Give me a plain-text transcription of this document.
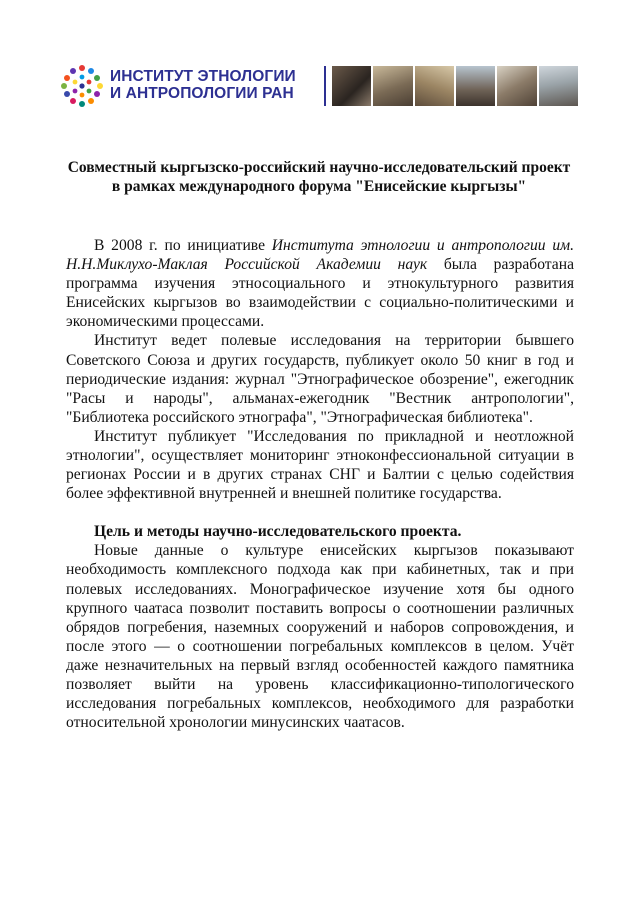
ИНСТИТУТ ЭТНОЛОГИИ
И АНТРОПОЛОГИИ РАН
Совместный кыргызско-российский научно-исследовательский проект в рамках международного форума "Енисейские кыргызы"

В 2008 г. по инициативе Института этнологии и антропологии им. Н.Н.Миклухо-Маклая Российской Академии наук была разработана программа изучения этносоциального и этнокультурного развития Енисейских кыргызов во взаимодействии с социально-политическими и экономическими процессами.

Институт ведет полевые исследования на территории бывшего Советского Союза и других государств, публикует около 50 книг в год и периодические издания: журнал "Этнографическое обозрение", ежегодник "Расы и народы", альманах-ежегодник "Вестник антропологии", "Библиотека российского этнографа", "Этнографическая библиотека".

Институт публикует "Исследования по прикладной и неотложной этнологии", осуществляет мониторинг этноконфессиональной ситуации в регионах России и в других странах СНГ и Балтии с целью содействия более эффективной внутренней и внешней политике государства.

Цель и методы научно-исследовательского проекта.

Новые данные о культуре енисейских кыргызов показывают необходимость комплексного подхода как при кабинетных, так и при полевых исследованиях. Монографическое изучение хотя бы одного крупного чаатаса позволит поставить вопросы о соотношении различных обрядов погребения, наземных сооружений и наборов сопровождения, и после этого — о соотношении погребальных комплексов в целом. Учёт даже незначительных на первый взгляд особенностей каждого памятника позволяет выйти на уровень классификационно-типологического исследования погребальных комплексов, необходимого для разработки относительной хронологии минусинских чаатасов.
